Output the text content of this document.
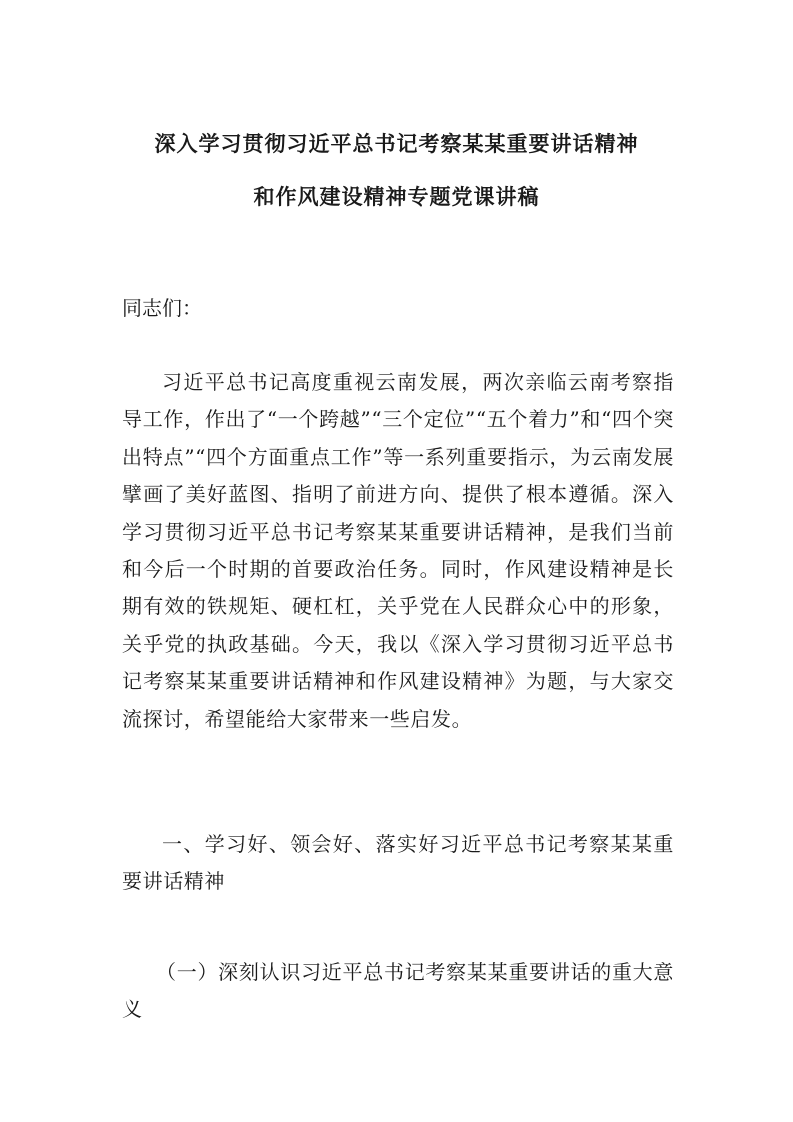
深入学习贯彻习近平总书记考察某某重要讲话精神
和作风建设精神专题党课讲稿

同志们：

习近平总书记高度重视云南发展，两次亲临云南考察指导工作，作出了“一个跨越”“三个定位”“五个着力”和“四个突出特点”“四个方面重点工作”等一系列重要指示，为云南发展擘画了美好蓝图、指明了前进方向、提供了根本遵循。深入学习贯彻习近平总书记考察某某重要讲话精神，是我们当前和今后一个时期的首要政治任务。同时，作风建设精神是长期有效的铁规矩、硬杠杠，关乎党在人民群众心中的形象，关乎党的执政基础。今天，我以《深入学习贯彻习近平总书记考察某某重要讲话精神和作风建设精神》为题，与大家交流探讨，希望能给大家带来一些启发。

一、学习好、领会好、落实好习近平总书记考察某某重要讲话精神

（一）深刻认识习近平总书记考察某某重要讲话的重大意义
